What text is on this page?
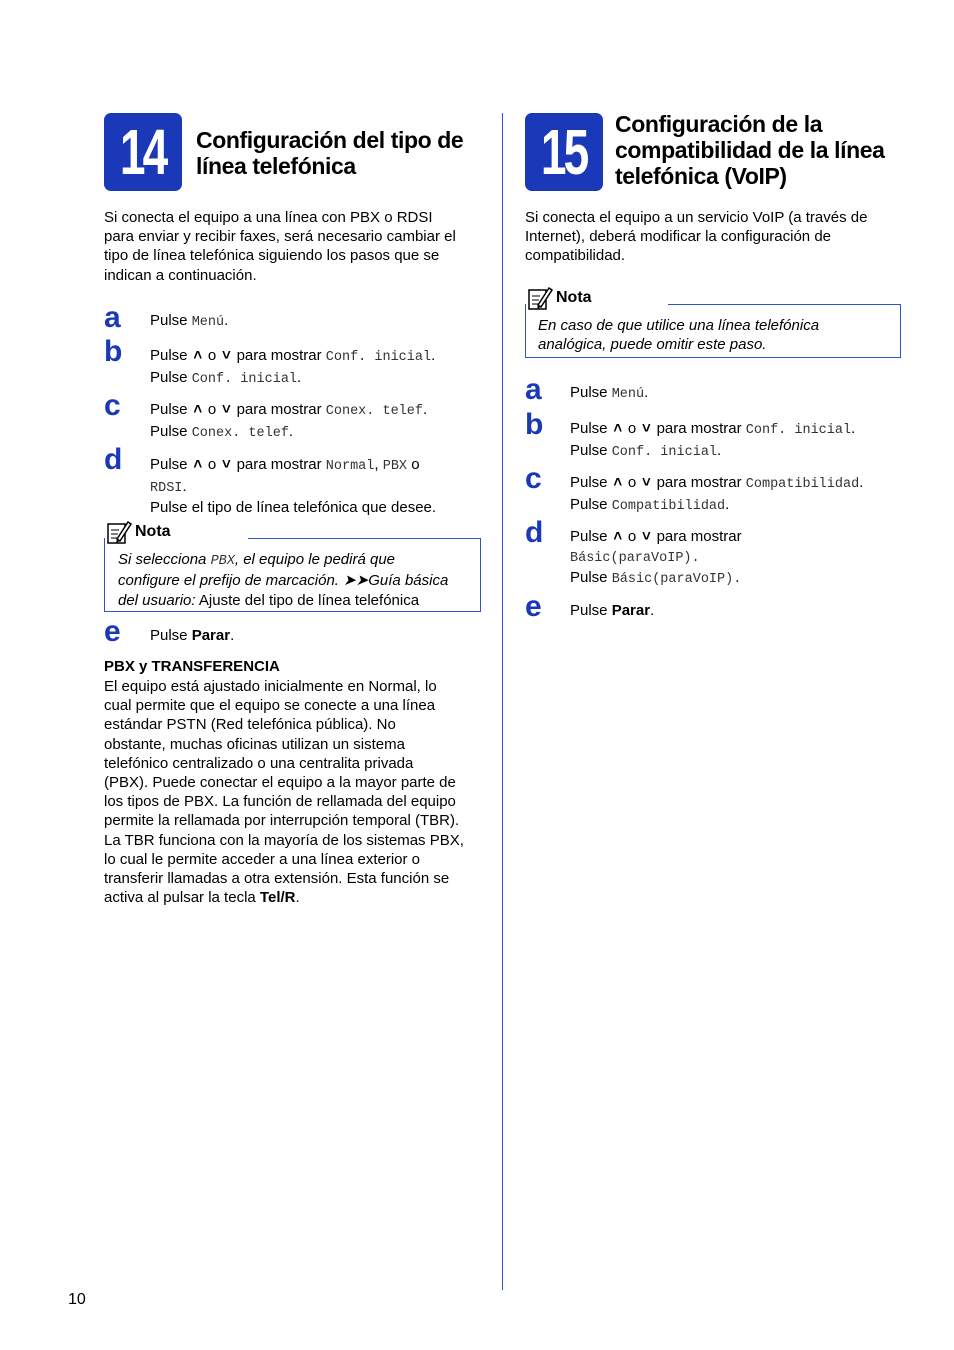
14 Configuración del tipo de
línea telefónica
Si conecta el equipo a una línea con PBX o RDSI
para enviar y recibir faxes, será necesario cambiar el
tipo de línea telefónica siguiendo los pasos que se
indican a continuación.
a Pulse Menú.
b Pulse ˄ o ˅ para mostrar Conf. inicial.
Pulse Conf. inicial.
c Pulse ˄ o ˅ para mostrar Conex. telef.
Pulse Conex. telef.
d Pulse ˄ o ˅ para mostrar Normal, PBX o
RDSI.
Pulse el tipo de línea telefónica que desee.
Nota
Si selecciona PBX, el equipo le pedirá que
configure el prefijo de marcación. ➤➤Guía básica
del usuario: Ajuste del tipo de línea telefónica
e Pulse Parar.
PBX y TRANSFERENCIA
El equipo está ajustado inicialmente en Normal, lo
cual permite que el equipo se conecte a una línea
estándar PSTN (Red telefónica pública). No
obstante, muchas oficinas utilizan un sistema
telefónico centralizado o una centralita privada
(PBX). Puede conectar el equipo a la mayor parte de
los tipos de PBX. La función de rellamada del equipo
permite la rellamada por interrupción temporal (TBR).
La TBR funciona con la mayoría de los sistemas PBX,
lo cual le permite acceder a una línea exterior o
transferir llamadas a otra extensión. Esta función se
activa al pulsar la tecla Tel/R.
15 Configuración de la
compatibilidad de la línea
telefónica (VoIP)
Si conecta el equipo a un servicio VoIP (a través de
Internet), deberá modificar la configuración de
compatibilidad.
Nota
En caso de que utilice una línea telefónica
analógica, puede omitir este paso.
a Pulse Menú.
b Pulse ˄ o ˅ para mostrar Conf. inicial.
Pulse Conf. inicial.
c Pulse ˄ o ˅ para mostrar Compatibilidad.
Pulse Compatibilidad.
d Pulse ˄ o ˅ para mostrar
Básic(paraVoIP).
Pulse Básic(paraVoIP).
e Pulse Parar.
10
